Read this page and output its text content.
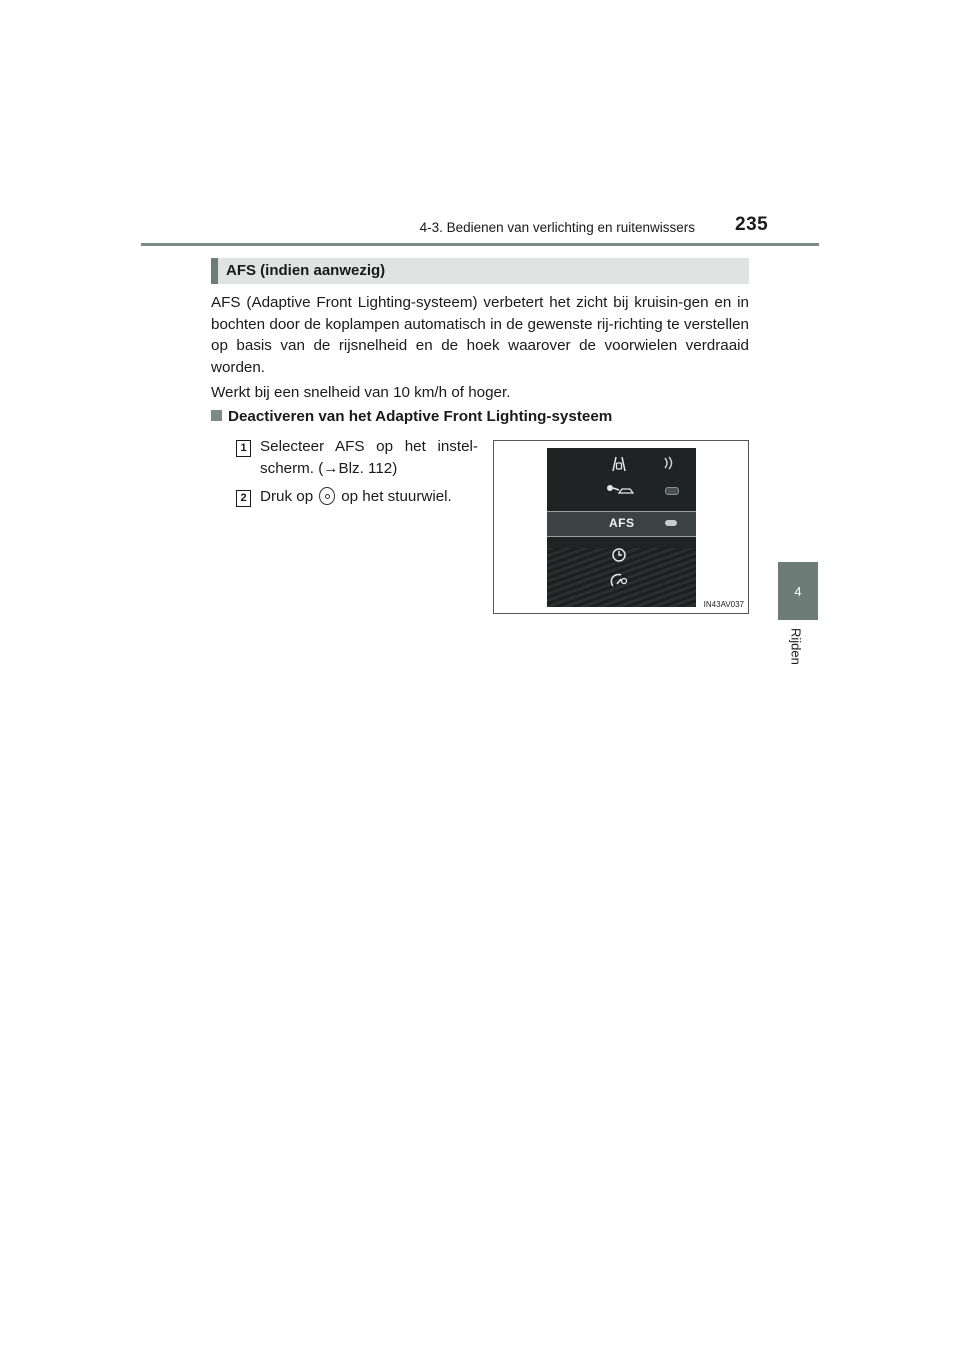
4-3. Bedienen van verlichting en ruitenwissers 235
4
Rijden
AFS (indien aanwezig)

AFS (Adaptive Front Lighting-systeem) verbetert het zicht bij kruisin-gen en in bochten door de koplampen automatisch in de gewenste rij-richting te verstellen op basis van de rijsnelheid en de hoek waarover de voorwielen verdraaid worden.

Werkt bij een snelheid van 10 km/h of hoger.

Deactiveren van het Adaptive Front Lighting-systeem
1 Selecteer AFS op het instel-scherm. (→Blz. 112)
2 Druk op op het stuurwiel.
AFS
IN43AV037
